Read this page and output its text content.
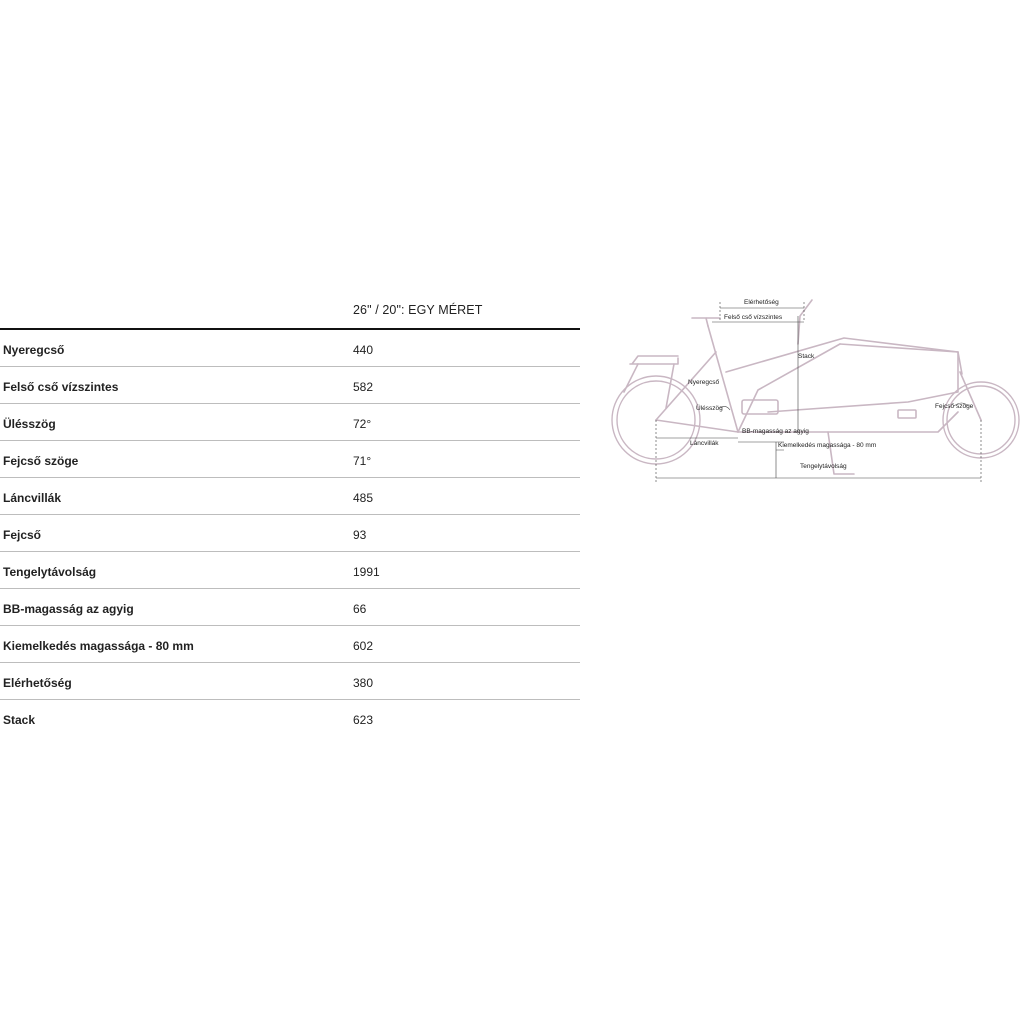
26" / 20": EGY MÉRET
Nyeregcső	440
Felső cső vízszintes	582
Ülésszög	72°
Fejcső szöge	71°
Láncvillák	485
Fejcső	93
Tengelytávolság	1991
BB-magasság az agyig	66
Kiemelkedés magassága - 80 mm	602
Elérhetőség	380
Stack	623
Elérhetőség
Felső cső vízszintes
Stack
Nyeregcső
Ülésszög	Fejcső szöge
Láncvillák
BB-magasság az agyig
Kiemelkedés magassága - 80 mm
Tengelytávolság
